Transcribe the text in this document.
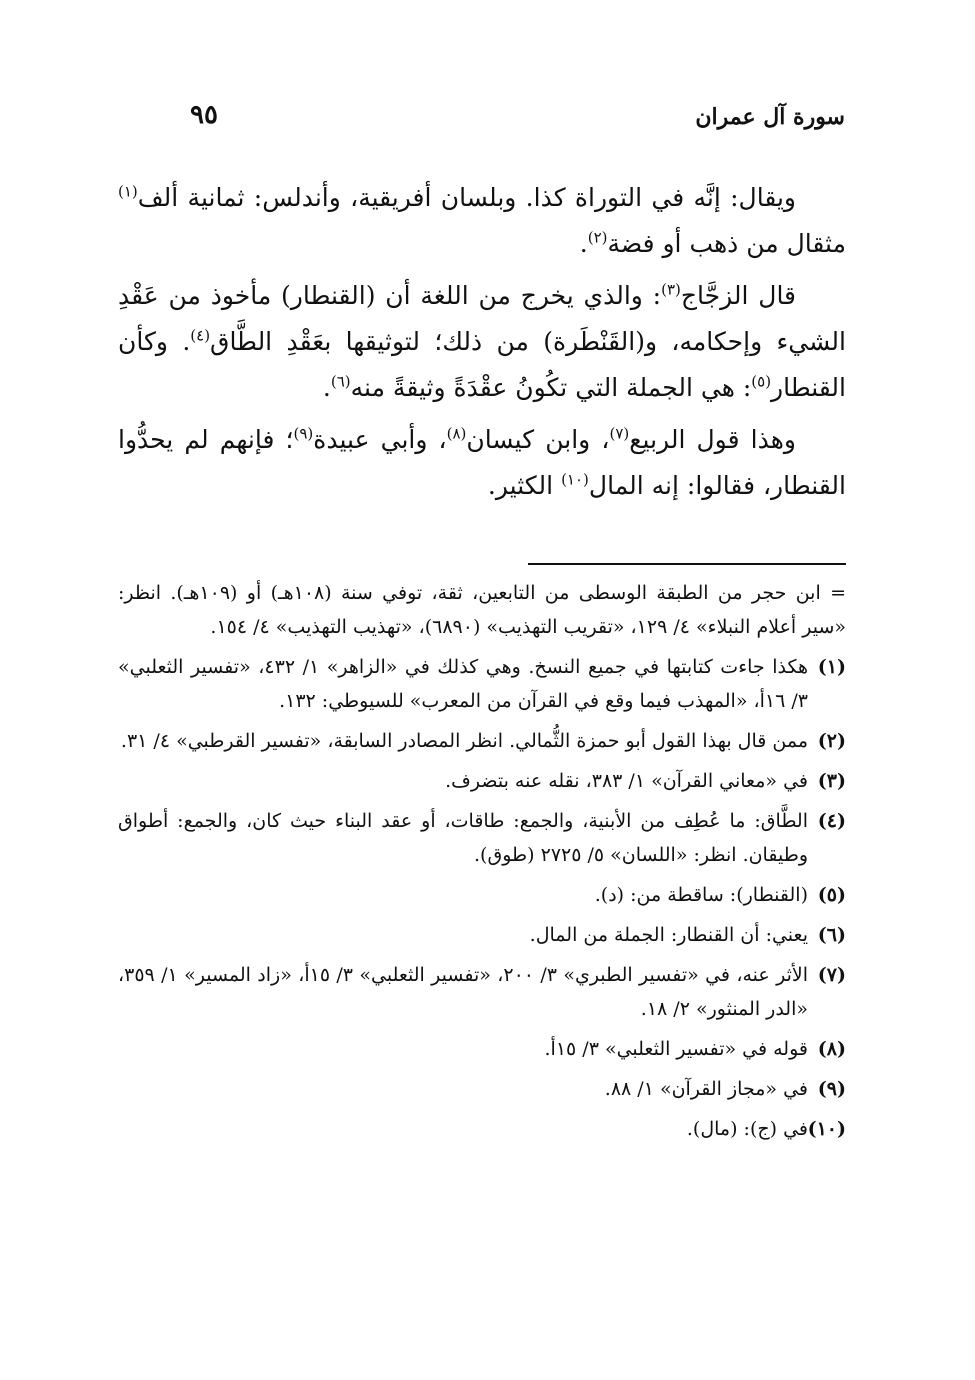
سورة آل عمران
٩٥

ويقال: إنَّه في التوراة كذا. وبلسان أفريقية، وأندلس: ثمانية ألف$^{(١)}$ مثقال من ذهب أو فضة$^{(٢)}$.

قال الزجَّاج$^{(٣)}$: والذي يخرج من اللغة أن (القنطار) مأخوذ من عَقْدِ الشيء وإحكامه، و(القَنْطَرة) من ذلك؛ لتوثيقها بعَقْدِ الطَّاق$^{(٤)}$. وكأن القنطار$^{(٥)}$: هي الجملة التي تكُونُ عقْدَةً وثيقةً منه$^{(٦)}$.

وهذا قول الربيع$^{(٧)}$، وابن كيسان$^{(٨)}$، وأبي عبيدة$^{(٩)}$؛ فإنهم لم يحدُّوا القنطار، فقالوا: إنه المال$^{(١٠)}$ الكثير.

= ابن حجر من الطبقة الوسطى من التابعين، ثقة، توفي سنة (١٠٨هـ) أو (١٠٩هـ). انظر: «سير أعلام النبلاء» ٤/ ١٢٩، «تقريب التهذيب» (٦٨٩٠)، «تهذيب التهذيب» ٤/ ١٥٤.
(١)
هكذا جاءت كتابتها في جميع النسخ. وهي كذلك في «الزاهر» ١/ ٤٣٢، «تفسير الثعلبي» ٣/ ١٦أ، «المهذب فيما وقع في القرآن من المعرب» للسيوطي: ١٣٢.
(٢)
ممن قال بهذا القول أبو حمزة الثُّمالي. انظر المصادر السابقة، «تفسير القرطبي» ٤/ ٣١.
(٣)
في «معاني القرآن» ١/ ٣٨٣، نقله عنه بتضرف.
(٤)
الطَّاق: ما عُطِف من الأبنية، والجمع: طاقات، أو عقد البناء حيث كان، والجمع: أطواق وطيقان. انظر: «اللسان» ٥/ ٢٧٢٥ (طوق).
(٥)
(القنطار): ساقطة من: (د).
(٦)
يعني: أن القنطار: الجملة من المال.
(٧)
الأثر عنه، في «تفسير الطبري» ٣/ ٢٠٠، «تفسير الثعلبي» ٣/ ١٥أ، «زاد المسير» ١/ ٣٥٩، «الدر المنثور» ٢/ ١٨.
(٨)
قوله في «تفسير الثعلبي» ٣/ ١٥أ.
(٩)
في «مجاز القرآن» ١/ ٨٨.
(١٠)
في (ج): (مال).
